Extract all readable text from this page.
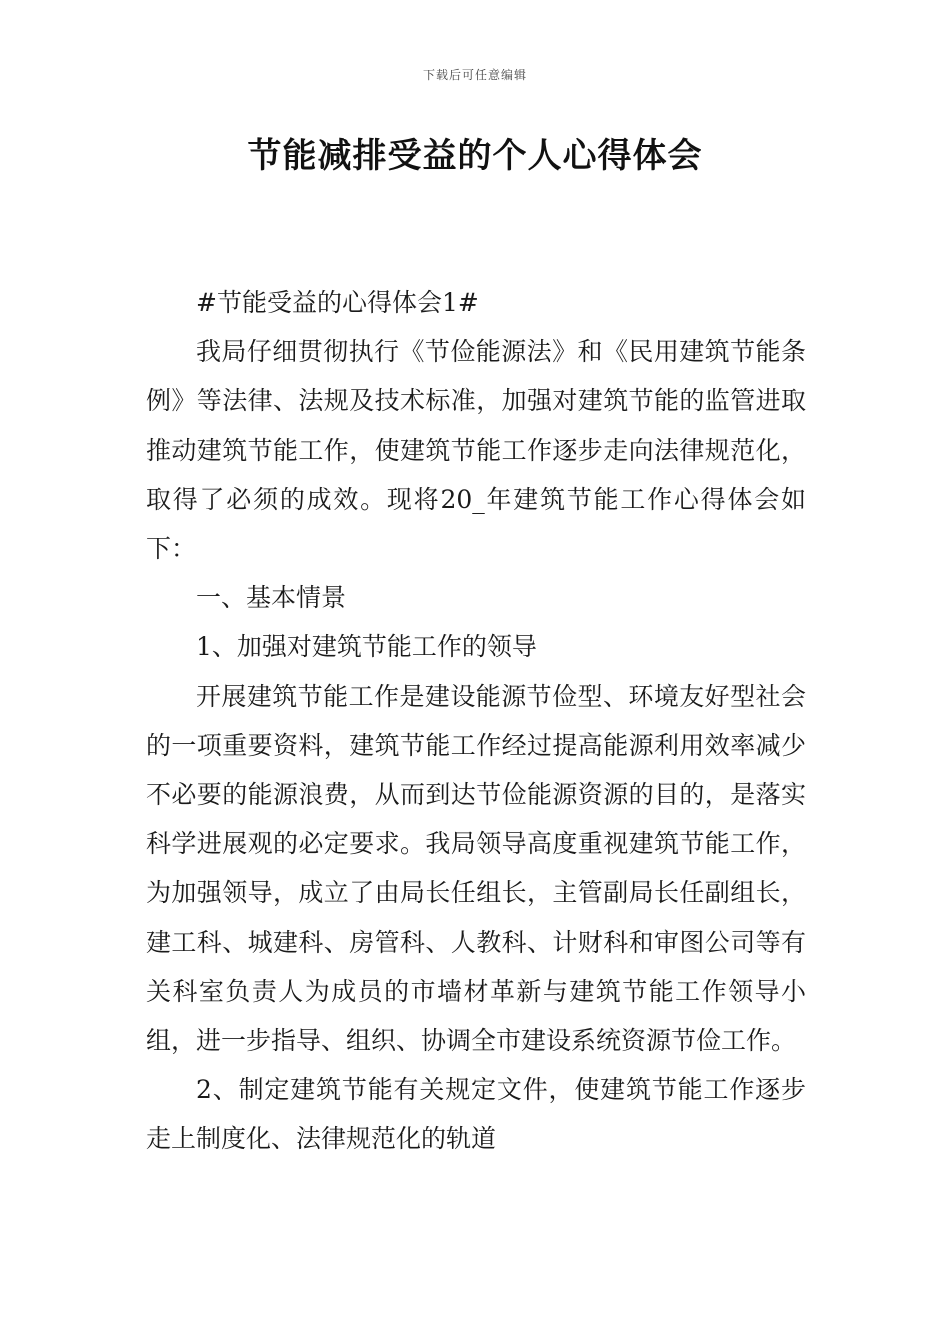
下载后可任意编辑
节能减排受益的个人心得体会

#节能受益的心得体会1#

我局仔细贯彻执行《节俭能源法》和《民用建筑节能条例》等法律、法规及技术标准，加强对建筑节能的监管进取推动建筑节能工作，使建筑节能工作逐步走向法律规范化，取得了必须的成效。现将20_年建筑节能工作心得体会如下：

一、基本情景

1、加强对建筑节能工作的领导

开展建筑节能工作是建设能源节俭型、环境友好型社会的一项重要资料，建筑节能工作经过提高能源利用效率减少不必要的能源浪费，从而到达节俭能源资源的目的，是落实科学进展观的必定要求。我局领导高度重视建筑节能工作，为加强领导，成立了由局长任组长，主管副局长任副组长，建工科、城建科、房管科、人教科、计财科和审图公司等有关科室负责人为成员的市墙材革新与建筑节能工作领导小组，进一步指导、组织、协调全市建设系统资源节俭工作。

2、制定建筑节能有关规定文件，使建筑节能工作逐步走上制度化、法律规范化的轨道
